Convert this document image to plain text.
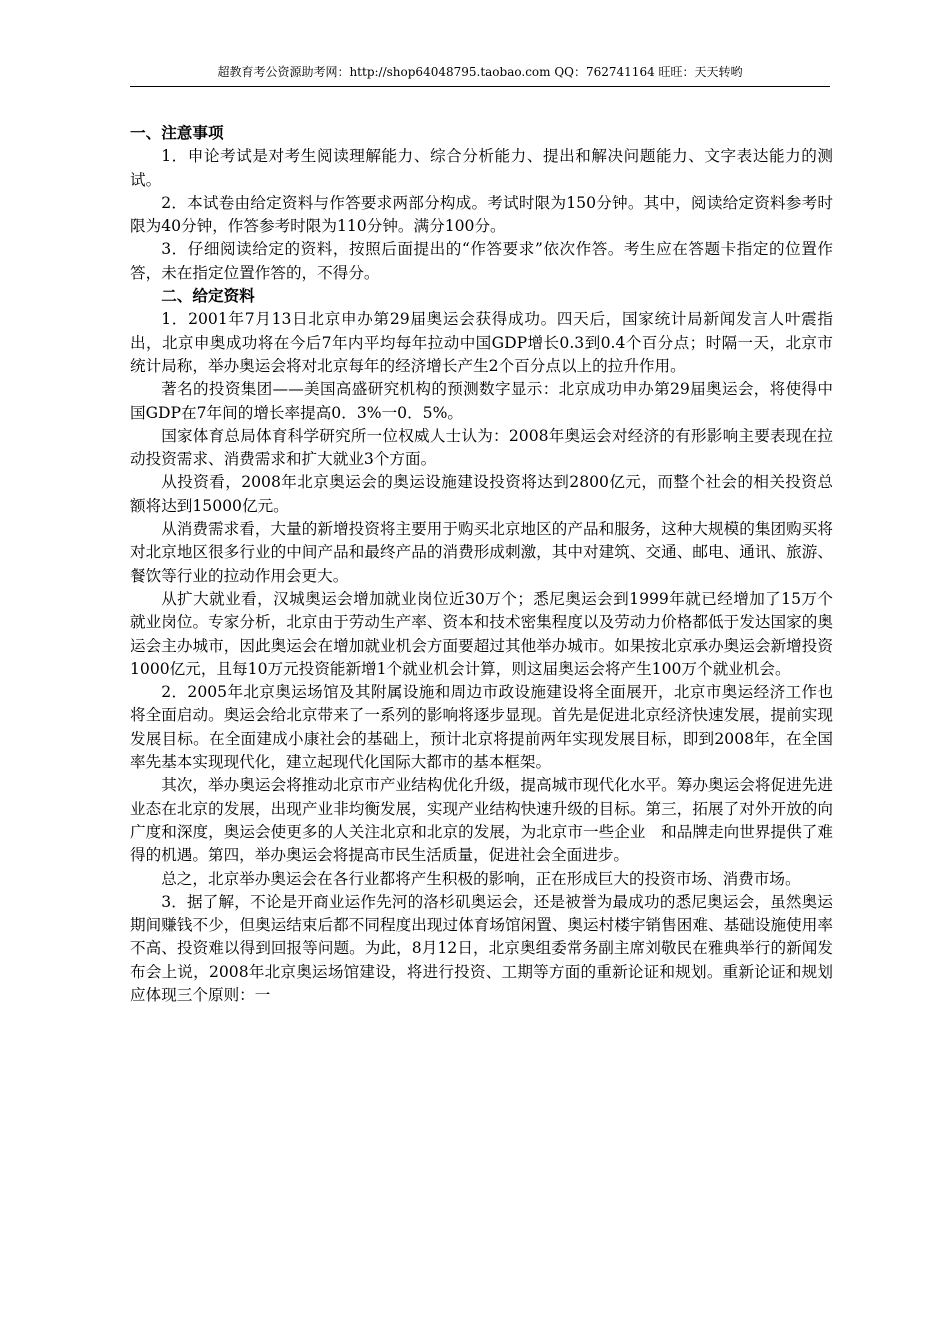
超教育考公资源助考网：http://shop64048795.taobao.com QQ：762741164 旺旺：天天转哟
一、注意事项

1．申论考试是对考生阅读理解能力、综合分析能力、提出和解决问题能力、文字表达能力的测试。

2．本试卷由给定资料与作答要求两部分构成。考试时限为150分钟。其中，阅读给定资料参考时限为40分钟，作答参考时限为110分钟。满分100分。

3．仔细阅读给定的资料，按照后面提出的“作答要求”依次作答。考生应在答题卡指定的位置作答，未在指定位置作答的，不得分。

二、给定资料

1．2001年7月13日北京申办第29届奥运会获得成功。四天后，国家统计局新闻发言人叶震指出，北京申奥成功将在今后7年内平均每年拉动中国GDP增长0.3到0.4个百分点；时隔一天，北京市统计局称，举办奥运会将对北京每年的经济增长产生2个百分点以上的拉升作用。

著名的投资集团——美国高盛研究机构的预测数字显示：北京成功申办第29届奥运会，将使得中国GDP在7年间的增长率提高0．3%一0．5%。

国家体育总局体育科学研究所一位权威人士认为：2008年奥运会对经济的有形影响主要表现在拉动投资需求、消费需求和扩大就业3个方面。

从投资看，2008年北京奥运会的奥运设施建设投资将达到2800亿元，而整个社会的相关投资总额将达到15000亿元。

从消费需求看，大量的新增投资将主要用于购买北京地区的产品和服务，这种大规模的集团购买将对北京地区很多行业的中间产品和最终产品的消费形成刺激，其中对建筑、交通、邮电、通讯、旅游、餐饮等行业的拉动作用会更大。

从扩大就业看，汉城奥运会增加就业岗位近30万个；悉尼奥运会到1999年就已经增加了15万个就业岗位。专家分析，北京由于劳动生产率、资本和技术密集程度以及劳动力价格都低于发达国家的奥运会主办城市，因此奥运会在增加就业机会方面要超过其他举办城市。如果按北京承办奥运会新增投资1000亿元，且每10万元投资能新增1个就业机会计算，则这届奥运会将产生100万个就业机会。

2．2005年北京奥运场馆及其附属设施和周边市政设施建设将全面展开，北京市奥运经济工作也将全面启动。奥运会给北京带来了一系列的影响将逐步显现。首先是促进北京经济快速发展，提前实现发展目标。在全面建成小康社会的基础上，预计北京将提前两年实现发展目标，即到2008年，在全国率先基本实现现代化，建立起现代化国际大都市的基本框架。

其次，举办奥运会将推动北京市产业结构优化升级，提高城市现代化水平。筹办奥运会将促进先进业态在北京的发展，出现产业非均衡发展，实现产业结构快速升级的目标。第三，拓展了对外开放的向广度和深度，奥运会使更多的人关注北京和北京的发展，为北京市一些企业　和品牌走向世界提供了难得的机遇。第四，举办奥运会将提高市民生活质量，促进社会全面进步。

总之，北京举办奥运会在各行业都将产生积极的影响，正在形成巨大的投资市场、消费市场。

3．据了解，不论是开商业运作先河的洛杉矶奥运会，还是被誉为最成功的悉尼奥运会，虽然奥运期间赚钱不少，但奥运结束后都不同程度出现过体育场馆闲置、奥运村楼宇销售困难、基础设施使用率不高、投资难以得到回报等问题。为此，8月12日，北京奥组委常务副主席刘敬民在雅典举行的新闻发布会上说，2008年北京奥运场馆建设，将进行投资、工期等方面的重新论证和规划。重新论证和规划应体现三个原则：一
